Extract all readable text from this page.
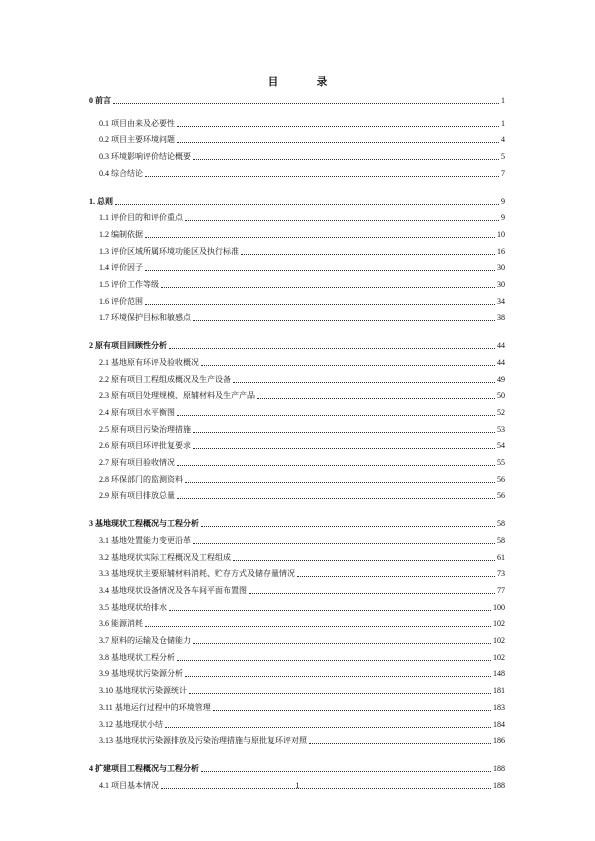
目　录
0 前言	1
0.1 项目由来及必要性	1
0.2 项目主要环境问题	4
0.3 环境影响评价结论概要	5
0.4 综合结论	7
1. 总则	9
1.1 评价目的和评价重点	9
1.2 编制依据	10
1.3 评价区域所属环境功能区及执行标准	16
1.4 评价因子	30
1.5 评价工作等级	30
1.6 评价范围	34
1.7 环境保护目标和敏感点	38
2 原有项目回顾性分析	44
2.1 基地原有环评及验收概况	44
2.2 原有项目工程组成概况及生产设备	49
2.3 原有项目处理规模、原辅材料及生产产品	50
2.4 原有项目水平衡图	52
2.5 原有项目污染治理措施	53
2.6 原有项目环评批复要求	54
2.7 原有项目验收情况	55
2.8 环保部门的监测资料	56
2.9 原有项目排放总量	56
3 基地现状工程概况与工程分析	58
3.1 基地处置能力变更沿革	58
3.2 基地现状实际工程概况及工程组成	61
3.3 基地现状主要原辅材料消耗、贮存方式及储存量情况	73
3.4 基地现状设备情况及各车间平面布置图	77
3.5 基地现状给排水	100
3.6 能源消耗	102
3.7 原料的运输及仓储能力	102
3.8 基地现状工程分析	102
3.9 基地现状污染源分析	148
3.10 基地现状污染源统计	181
3.11 基地运行过程中的环境管理	183
3.12 基地现状小结	184
3.13 基地现状污染源排放及污染治理措施与原批复环评对照	186
4 扩建项目工程概况与工程分析	188
4.1 项目基本情况	188
1
